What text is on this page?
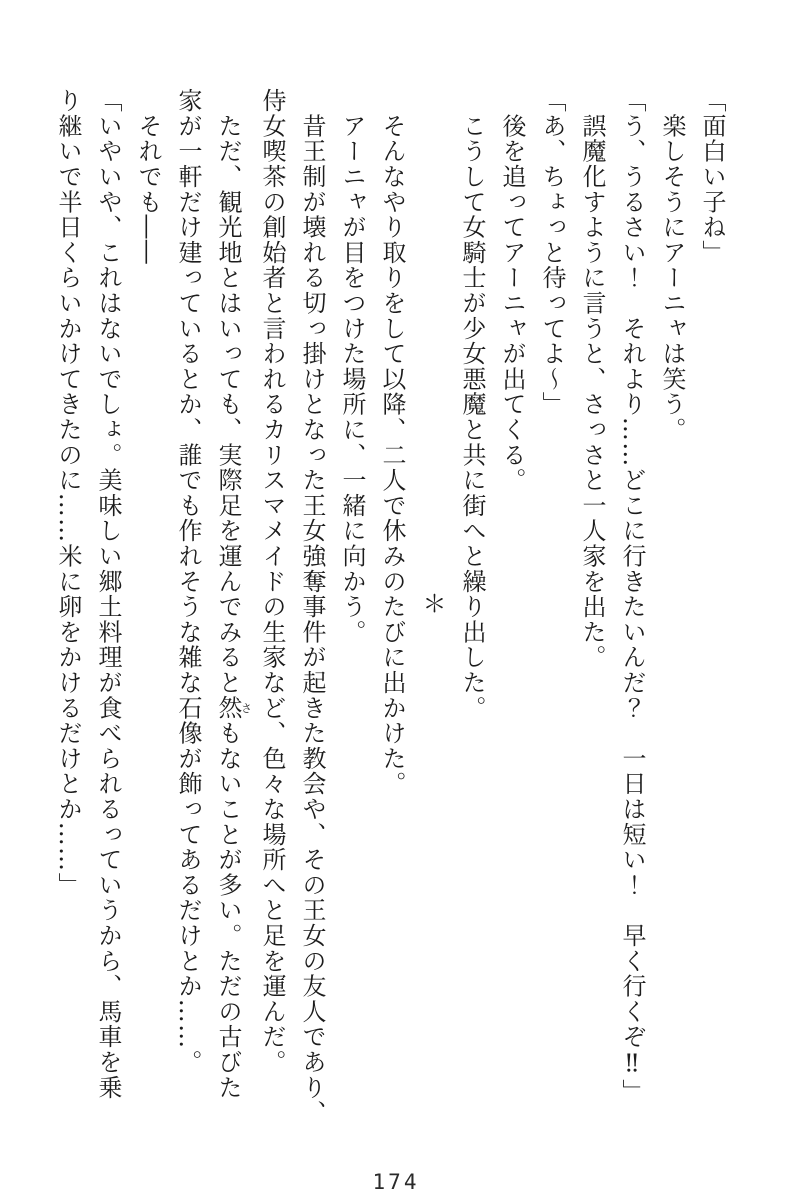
「面白い子ね」

　楽しそうにアーニャは笑う。

「う、うるさい！　それより……どこに行きたいんだ？　一日は短い！　早く行くぞ‼」

　誤魔化すように言うと、さっさと一人家を出た。

「あ、ちょっと待ってよ～」

　後を追ってアーニャが出てくる。

　こうして女騎士が少女悪魔と共に街へと繰り出した。

＊

　そんなやり取りをして以降、二人で休みのたびに出かけた。

　アーニャが目をつけた場所に、一緒に向かう。

　昔王制が壊れる切っ掛けとなった王女強奪事件が起きた教会や、その王女の友人であり、

侍女喫茶の創始者と言われるカリスマメイドの生家など、色々な場所へと足を運んだ。

　ただ、観光地とはいっても、実際足を運んでみると然さもないことが多い。ただの古びた

家が一軒だけ建っているとか、誰でも作れそうな雑な石像が飾ってあるだけとか……。

　それでも――

「いやいや、これはないでしょ。美味しい郷土料理が食べられるっていうから、馬車を乗

り継いで半日くらいかけてきたのに……米に卵をかけるだけとか……」

174
